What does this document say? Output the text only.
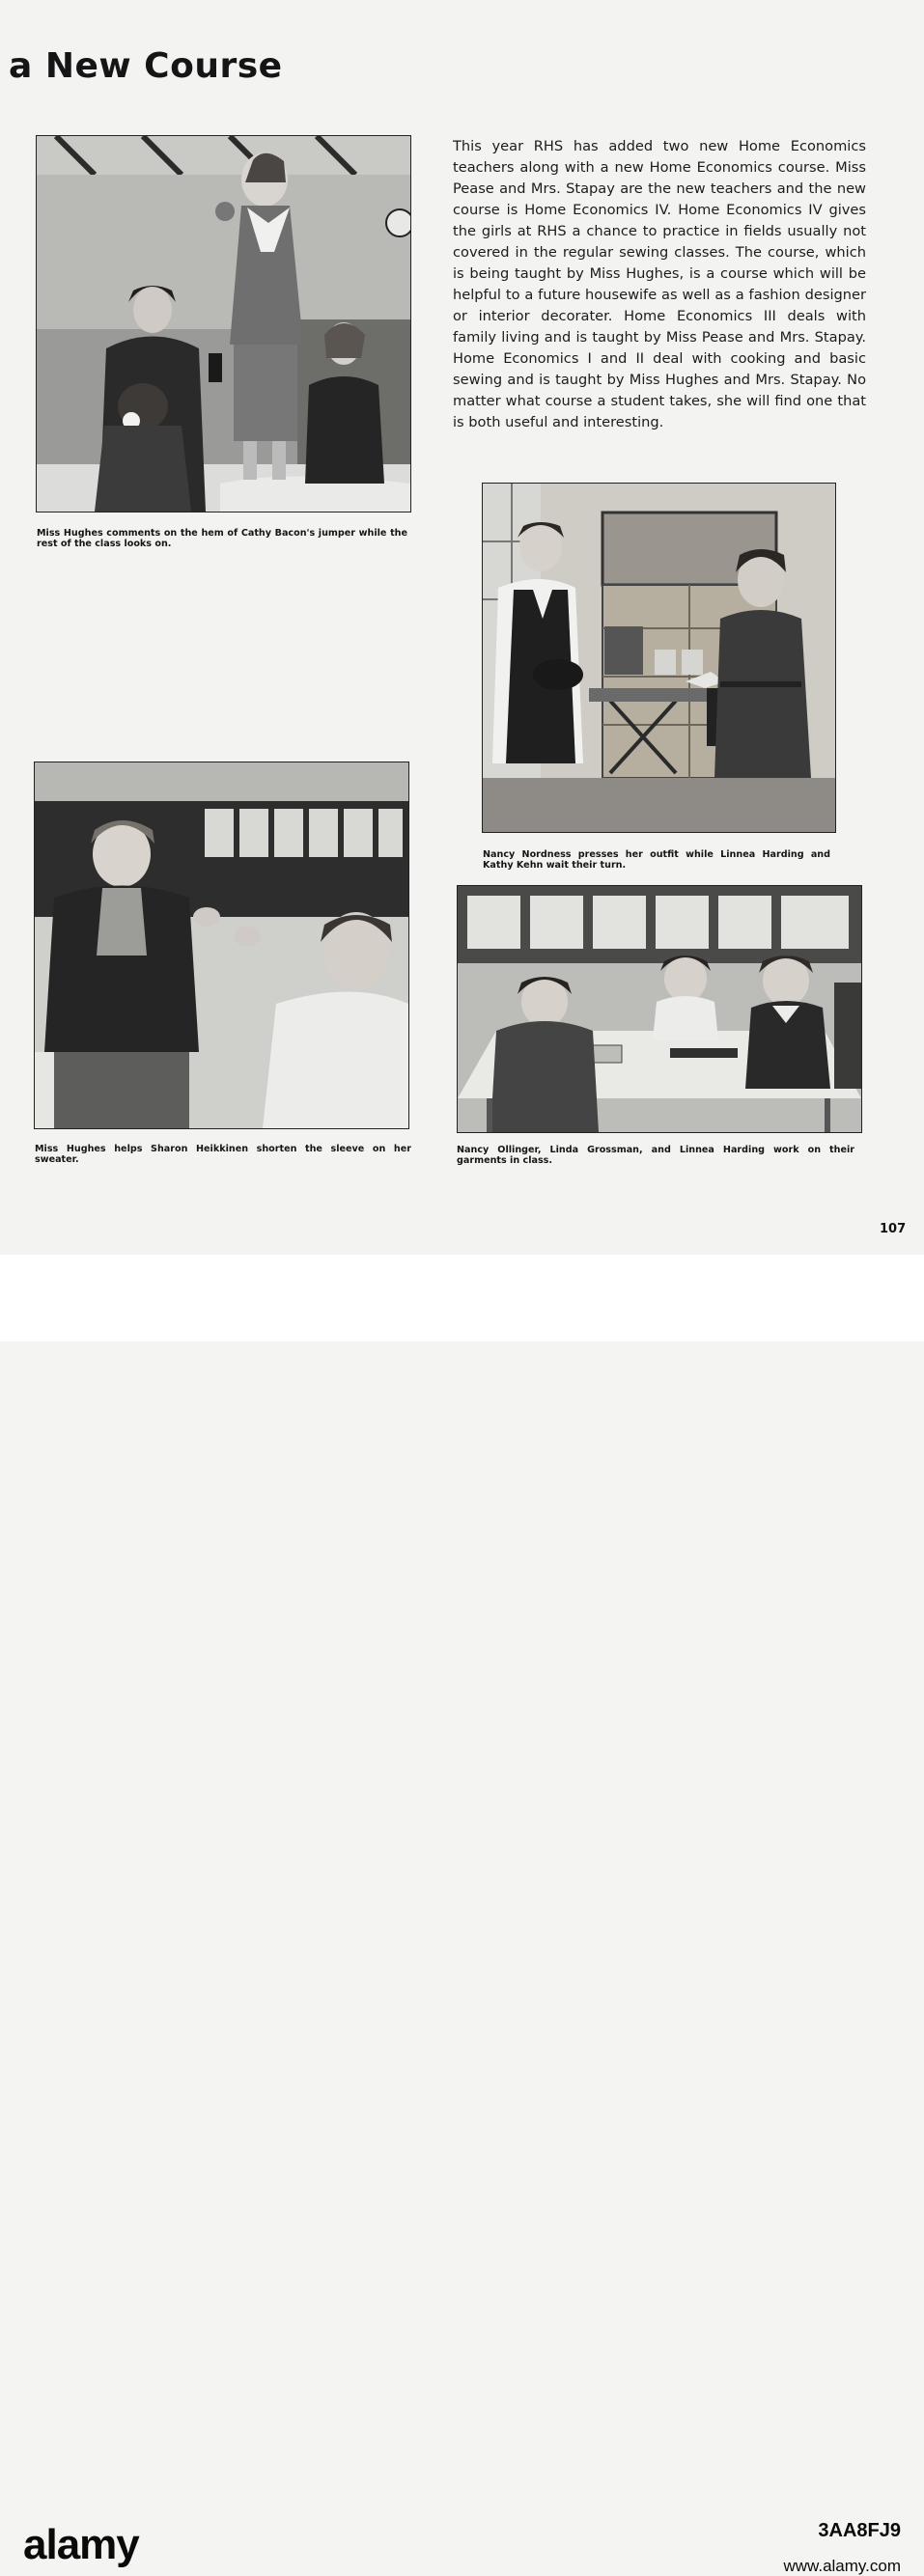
a New Course
This year RHS has added two new Home Economics teachers along with a new Home Economics course. Miss Pease and Mrs. Stapay are the new teachers and the new course is Home Economics IV. Home Economics IV gives the girls at RHS a chance to practice in fields usually not covered in the regular sewing classes. The course, which is being taught by Miss Hughes, is a course which will be helpful to a future housewife as well as a fashion designer or interior decorater. Home Economics III deals with family living and is taught by Miss Pease and Mrs. Stapay. Home Economics I and II deal with cooking and basic sewing and is taught by Miss Hughes and Mrs. Stapay. No matter what course a student takes, she will find one that is both useful and interesting.
Miss Hughes comments on the hem of Cathy Bacon's jumper while the rest of the class looks on.
Nancy Nordness presses her outfit while Linnea Harding and Kathy Kehn wait their turn.
Miss Hughes helps Sharon Heikkinen shorten the sleeve on her sweater.
Nancy Ollinger, Linda Grossman, and Linnea Harding work on their garments in class.
107
alamy	3AA8FJ9
www.alamy.com
